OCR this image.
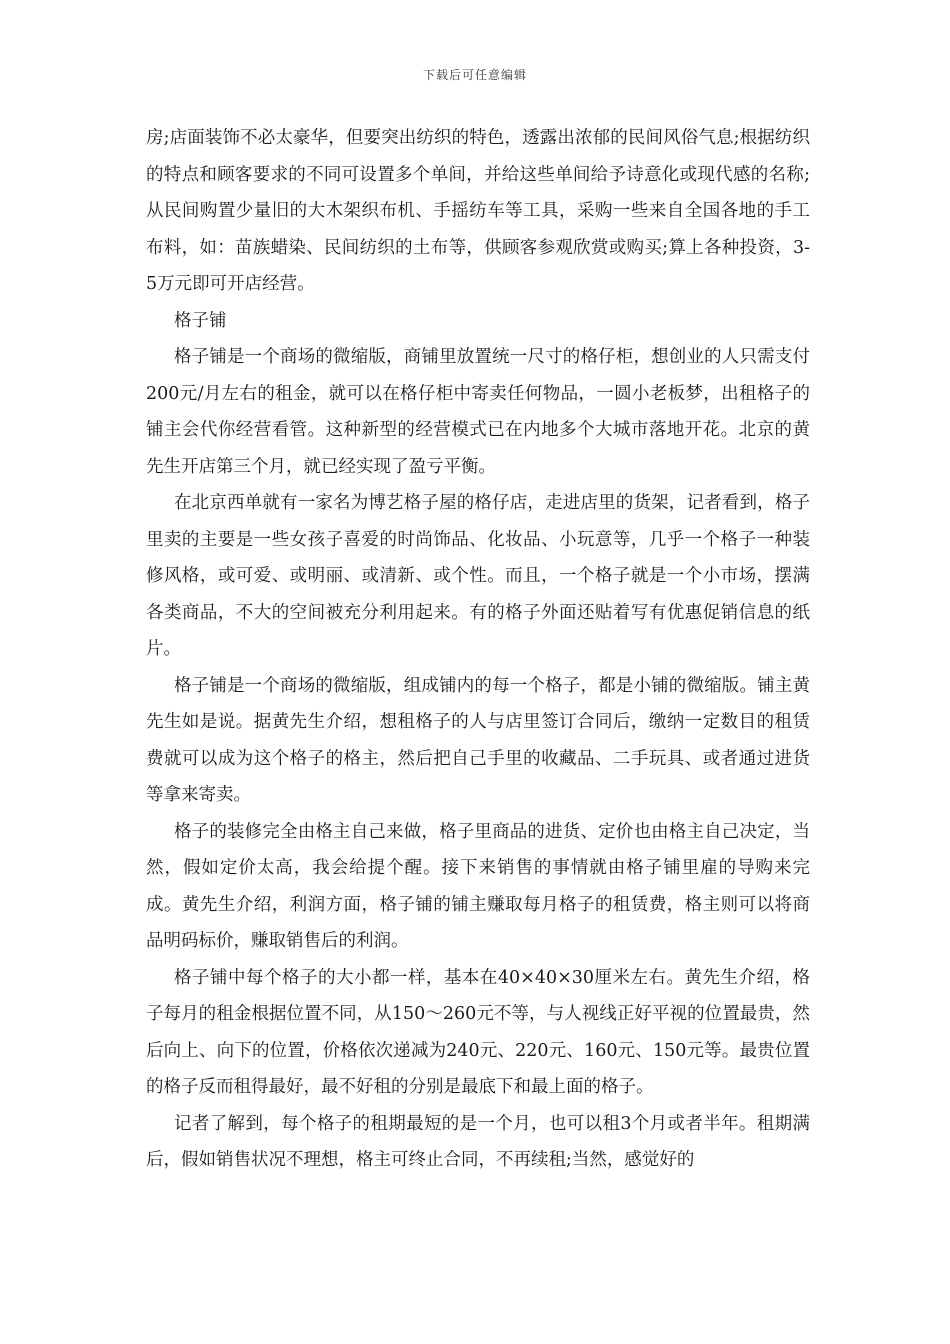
下载后可任意编辑

房;店面装饰不必太豪华，但要突出纺织的特色，透露出浓郁的民间风俗气息;根据纺织的特点和顾客要求的不同可设置多个单间，并给这些单间给予诗意化或现代感的名称;从民间购置少量旧的大木架织布机、手摇纺车等工具，采购一些来自全国各地的手工布料，如：苗族蜡染、民间纺织的土布等，供顾客参观欣赏或购买;算上各种投资，3-5万元即可开店经营。

格子铺

格子铺是一个商场的微缩版，商铺里放置统一尺寸的格仔柜，想创业的人只需支付200元/月左右的租金，就可以在格仔柜中寄卖任何物品，一圆小老板梦，出租格子的铺主会代你经营看管。这种新型的经营模式已在内地多个大城市落地开花。北京的黄先生开店第三个月，就已经实现了盈亏平衡。

在北京西单就有一家名为博艺格子屋的格仔店，走进店里的货架，记者看到，格子里卖的主要是一些女孩子喜爱的时尚饰品、化妆品、小玩意等，几乎一个格子一种装修风格，或可爱、或明丽、或清新、或个性。而且，一个格子就是一个小市场，摆满各类商品，不大的空间被充分利用起来。有的格子外面还贴着写有优惠促销信息的纸片。

格子铺是一个商场的微缩版，组成铺内的每一个格子，都是小铺的微缩版。铺主黄先生如是说。据黄先生介绍，想租格子的人与店里签订合同后，缴纳一定数目的租赁费就可以成为这个格子的格主，然后把自己手里的收藏品、二手玩具、或者通过进货等拿来寄卖。

格子的装修完全由格主自己来做，格子里商品的进货、定价也由格主自己决定，当然，假如定价太高，我会给提个醒。接下来销售的事情就由格子铺里雇的导购来完成。黄先生介绍，利润方面，格子铺的铺主赚取每月格子的租赁费，格主则可以将商品明码标价，赚取销售后的利润。

格子铺中每个格子的大小都一样，基本在40×40×30厘米左右。黄先生介绍，格子每月的租金根据位置不同，从150～260元不等，与人视线正好平视的位置最贵，然后向上、向下的位置，价格依次递减为240元、220元、160元、150元等。最贵位置的格子反而租得最好，最不好租的分别是最底下和最上面的格子。

记者了解到，每个格子的租期最短的是一个月，也可以租3个月或者半年。租期满后，假如销售状况不理想，格主可终止合同，不再续租;当然，感觉好的
